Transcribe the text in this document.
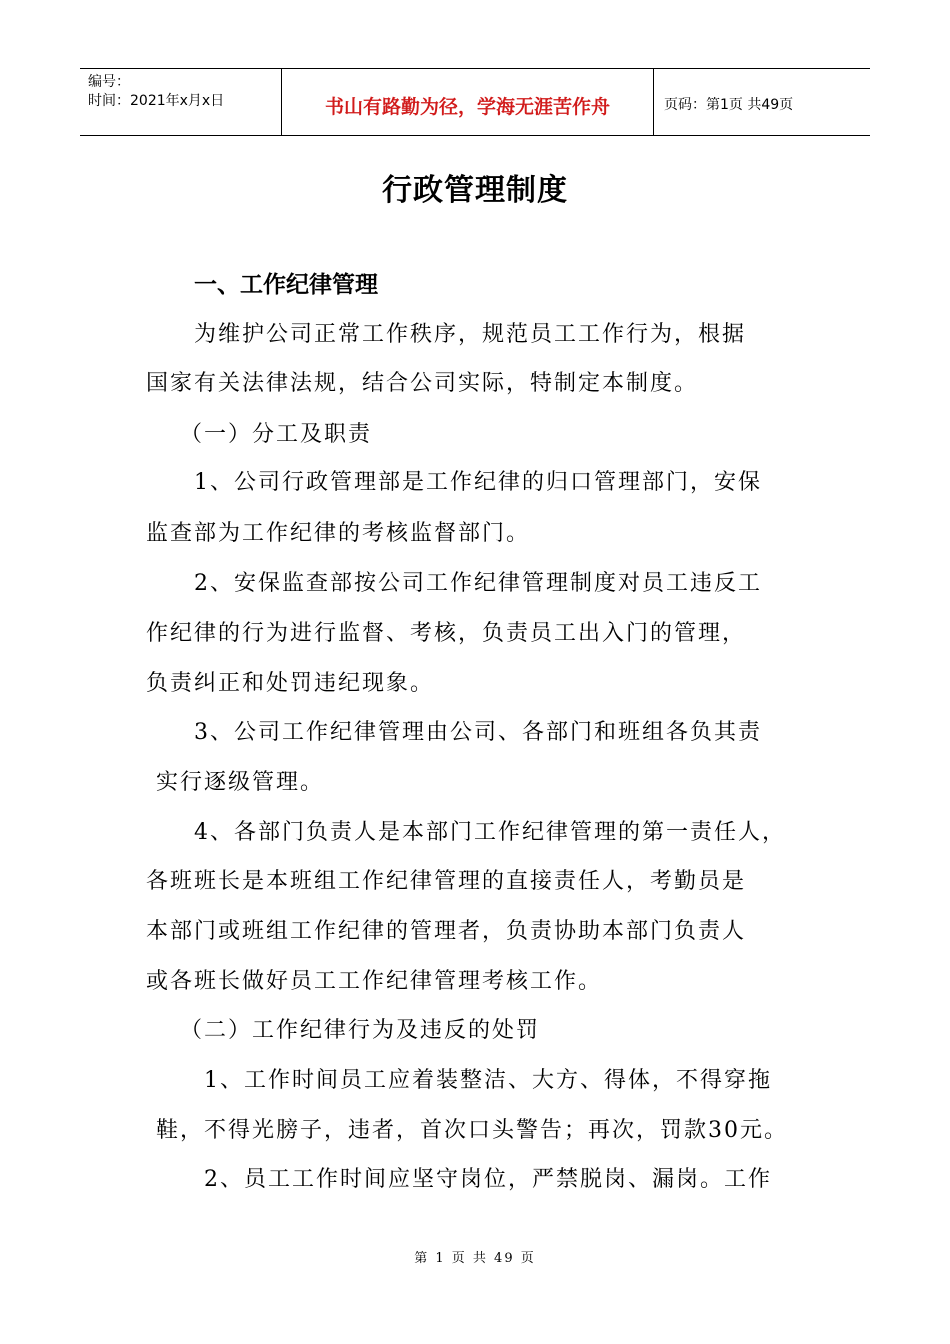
编号：
时间：2021年x月x日	书山有路勤为径，学海无涯苦作舟	页码：第1页 共49页
行政管理制度
一、工作纪律管理
为维护公司正常工作秩序，规范员工工作行为，根据
国家有关法律法规，结合公司实际，特制定本制度。
（一）分工及职责
1、公司行政管理部是工作纪律的归口管理部门，安保
监查部为工作纪律的考核监督部门。
2、安保监查部按公司工作纪律管理制度对员工违反工
作纪律的行为进行监督、考核，负责员工出入门的管理，
负责纠正和处罚违纪现象。
3、公司工作纪律管理由公司、各部门和班组各负其责
实行逐级管理。
4、各部门负责人是本部门工作纪律管理的第一责任人，
各班班长是本班组工作纪律管理的直接责任人，考勤员是
本部门或班组工作纪律的管理者，负责协助本部门负责人
或各班长做好员工工作纪律管理考核工作。
（二）工作纪律行为及违反的处罚
1、工作时间员工应着装整洁、大方、得体，不得穿拖
鞋，不得光膀子，违者，首次口头警告；再次，罚款30元。
2、员工工作时间应坚守岗位，严禁脱岗、漏岗。工作
第 1 页 共 49 页
